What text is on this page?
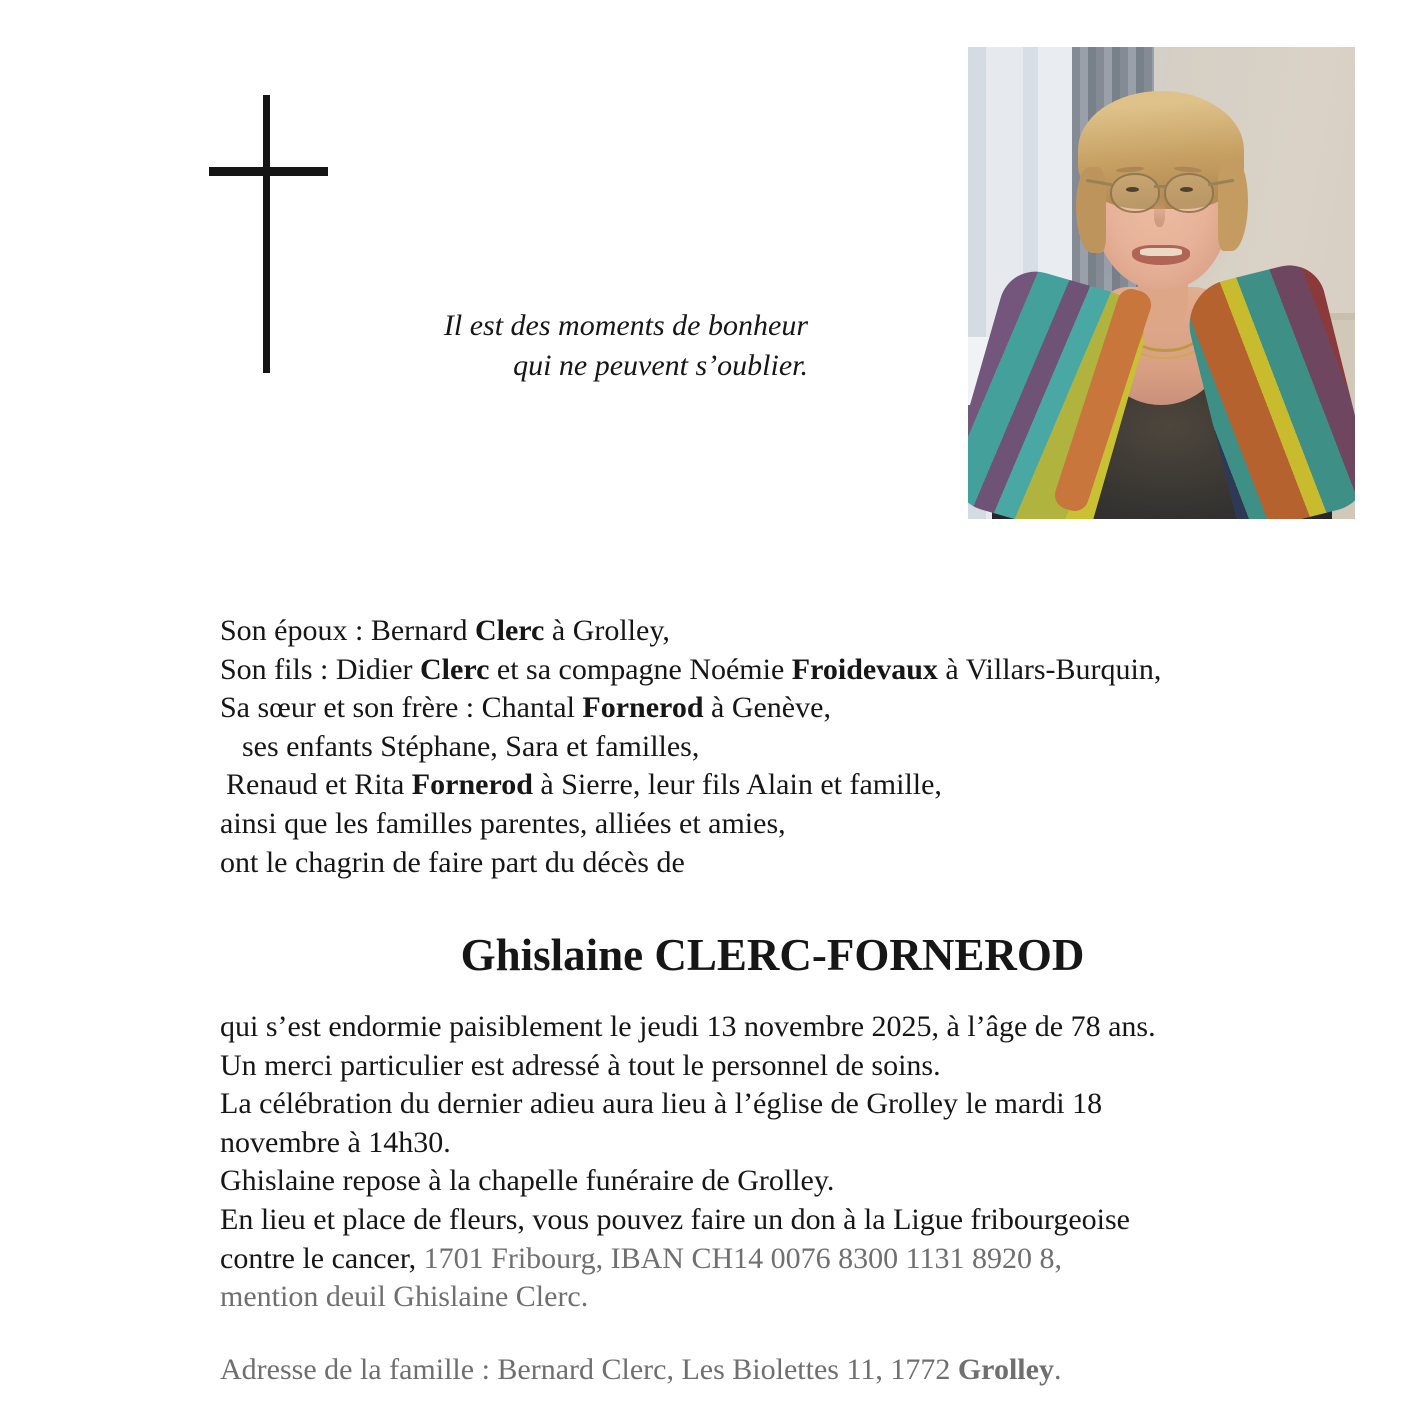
Il est des moments de bonheur
qui ne peuvent s’oublier.
Son époux : Bernard Clerc à Grolley,
Son fils : Didier Clerc et sa compagne Noémie Froidevaux à Villars-Burquin,
Sa sœur et son frère : Chantal Fornerod à Genève,
ses enfants Stéphane, Sara et familles,
Renaud et Rita Fornerod à Sierre, leur fils Alain et famille,
ainsi que les familles parentes, alliées et amies,
ont le chagrin de faire part du décès de
Ghislaine CLERC-FORNEROD
qui s’est endormie paisiblement le jeudi 13 novembre 2025, à l’âge de 78 ans.
Un merci particulier est adressé à tout le personnel de soins.
La célébration du dernier adieu aura lieu à l’église de Grolley le mardi 18
novembre à 14h30.
Ghislaine repose à la chapelle funéraire de Grolley.
En lieu et place de fleurs, vous pouvez faire un don à la Ligue fribourgeoise
contre le cancer, 1701 Fribourg, IBAN CH14 0076 8300 1131 8920 8,
mention deuil Ghislaine Clerc.
Adresse de la famille : Bernard Clerc, Les Biolettes 11, 1772 Grolley.
